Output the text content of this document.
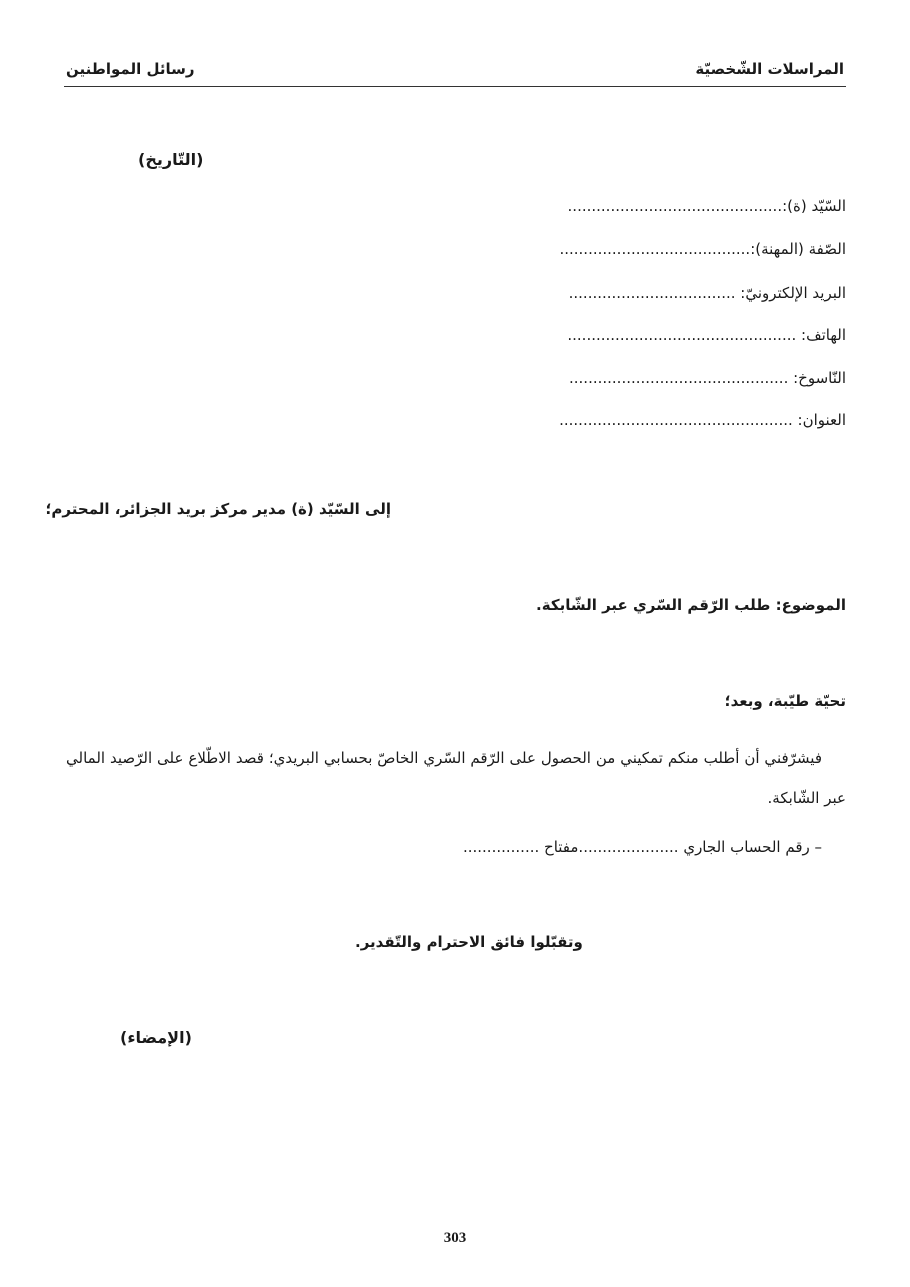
المراسلات الشّخصيّة
رسائل المواطنين
(التّاريخ)
السّيّد (ة):.............................................
الصّفة (المهنة):........................................
البريد الإلكترونيّ: ...................................
الهاتف: ................................................
النّاسوخ: ..............................................
العنوان: .................................................
إلى السّيّد (ة) مدير مركز بريد الجزائر، المحترم؛
الموضوع: طلب الرّقم السّري عبر الشّابكة.
تحيّة طيّبة، وبعد؛
فيشرّفني أن أطلب منكم تمكيني من الحصول على الرّقم السّري الخاصّ بحسابي البريدي؛ قصد الاطّلاع على الرّصيد المالي عبر الشّابكة.
– رقم الحساب الجاري .....................مفتاح ................
وتقبّلوا فائق الاحترام والتّقدير.
(الإمضاء)
303
